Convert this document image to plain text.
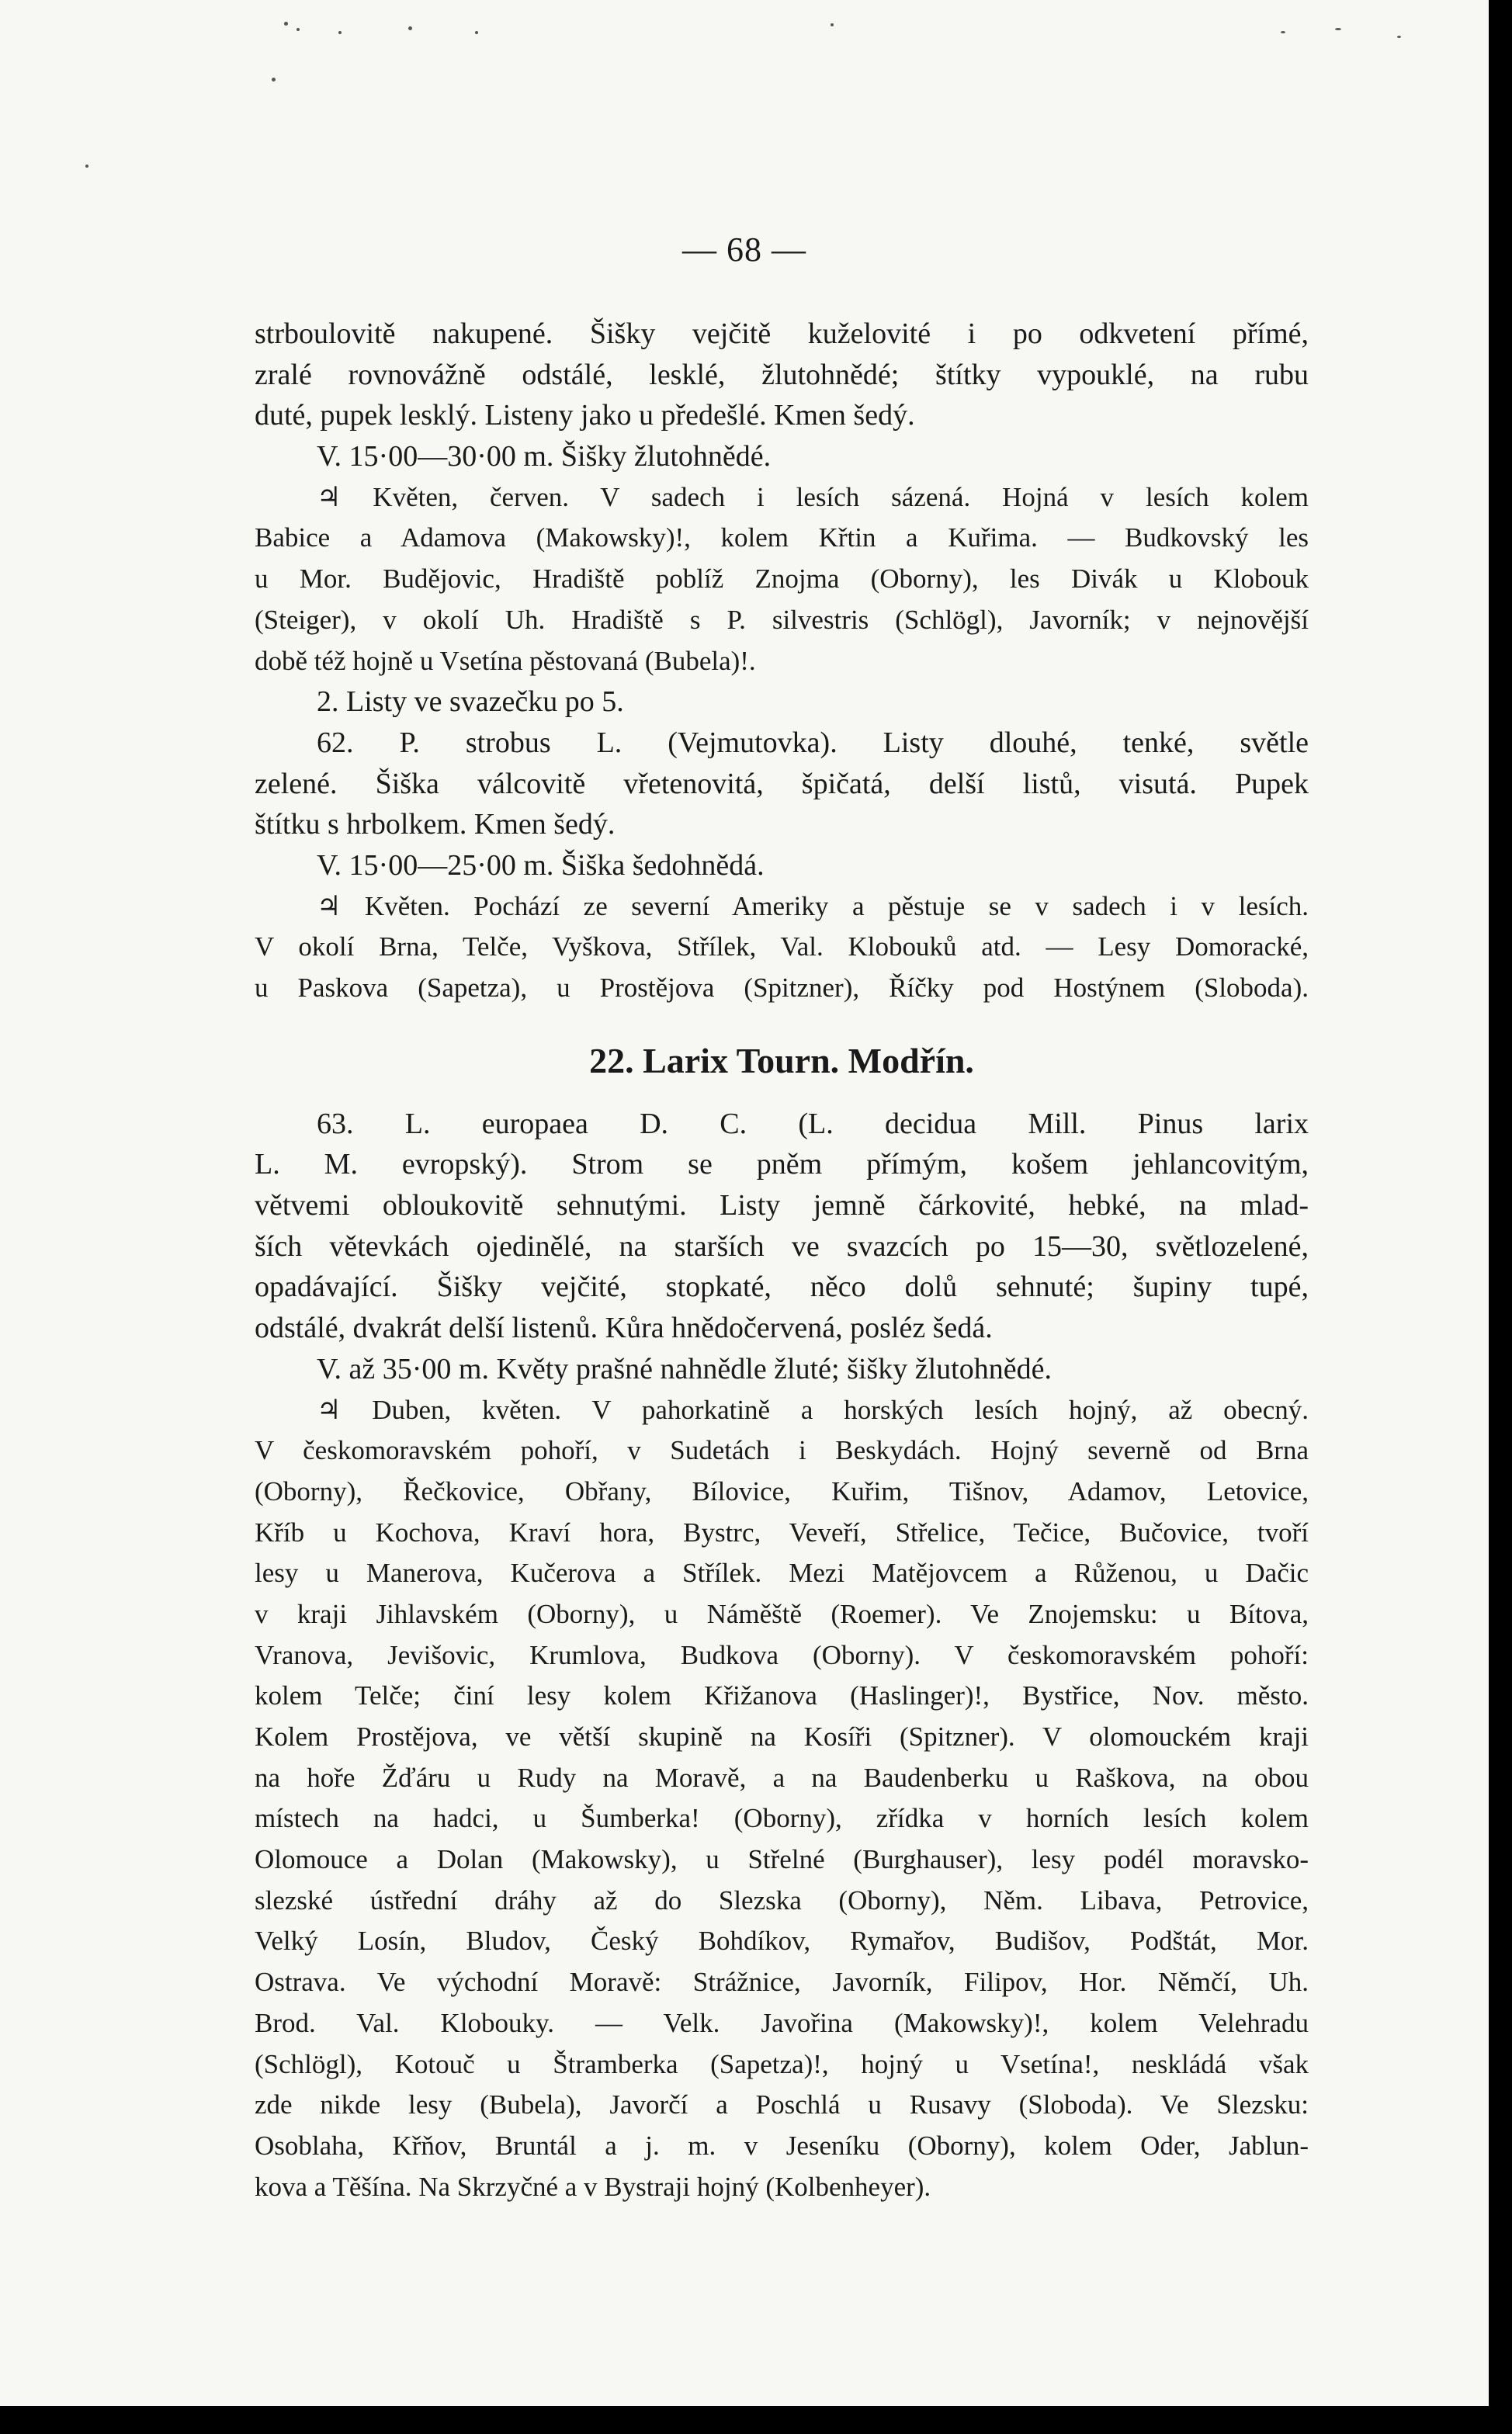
— 68 —
strboulovitě nakupené. Šišky vejčitě kuželovité i po odkvetení přímé,
zralé rovnovážně odstálé, lesklé, žlutohnědé; štítky vypouklé, na rubu
duté, pupek lesklý. Listeny jako u předešlé. Kmen šedý.
V. 15·00—30·00 m. Šišky žlutohnědé.
♃ Květen, červen. V sadech i lesích sázená. Hojná v lesích kolem
Babice a Adamova (Makowsky)!, kolem Křtin a Kuřima. — Budkovský les
u Mor. Budějovic, Hradiště poblíž Znojma (Oborny), les Divák u Klobouk
(Steiger), v okolí Uh. Hradiště s P. silvestris (Schlögl), Javorník; v nejnovější
době též hojně u Vsetína pěstovaná (Bubela)!.
2. Listy ve svazečku po 5.
62. P. strobus L. (Vejmutovka). Listy dlouhé, tenké, světle
zelené. Šiška válcovitě vřetenovitá, špičatá, delší listů, visutá. Pupek
štítku s hrbolkem. Kmen šedý.
V. 15·00—25·00 m. Šiška šedohnědá.
♃ Květen. Pochází ze severní Ameriky a pěstuje se v sadech i v lesích.
V okolí Brna, Telče, Vyškova, Střílek, Val. Klobouků atd. — Lesy Domoracké,
u Paskova (Sapetza), u Prostějova (Spitzner), Říčky pod Hostýnem (Sloboda).
22. Larix Tourn. Modřín.
63. L. europaea D. C. (L. decidua Mill. Pinus larix
L. M. evropský). Strom se pněm přímým, košem jehlancovitým,
větvemi obloukovitě sehnutými. Listy jemně čárkovité, hebké, na mlad-
ších větevkách ojedinělé, na starších ve svazcích po 15—30, světlozelené,
opadávající. Šišky vejčité, stopkaté, něco dolů sehnuté; šupiny tupé,
odstálé, dvakrát delší listenů. Kůra hnědočervená, posléz šedá.
V. až 35·00 m. Květy prašné nahnědle žluté; šišky žlutohnědé.
♃ Duben, květen. V pahorkatině a horských lesích hojný, až obecný.
V českomoravském pohoří, v Sudetách i Beskydách. Hojný severně od Brna
(Oborny), Řečkovice, Obřany, Bílovice, Kuřim, Tišnov, Adamov, Letovice,
Kříb u Kochova, Kraví hora, Bystrc, Veveří, Střelice, Tečice, Bučovice, tvoří
lesy u Manerova, Kučerova a Střílek. Mezi Matějovcem a Růženou, u Dačic
v kraji Jihlavském (Oborny), u Náměště (Roemer). Ve Znojemsku: u Bítova,
Vranova, Jevišovic, Krumlova, Budkova (Oborny). V českomoravském pohoří:
kolem Telče; činí lesy kolem Křižanova (Haslinger)!, Bystřice, Nov. město.
Kolem Prostějova, ve větší skupině na Kosíři (Spitzner). V olomouckém kraji
na hoře Žďáru u Rudy na Moravě, a na Baudenberku u Raškova, na obou
místech na hadci, u Šumberka! (Oborny), zřídka v horních lesích kolem
Olomouce a Dolan (Makowsky), u Střelné (Burghauser), lesy podél moravsko-
slezské ústřední dráhy až do Slezska (Oborny), Něm. Libava, Petrovice,
Velký Losín, Bludov, Český Bohdíkov, Rymařov, Budišov, Podštát, Mor.
Ostrava. Ve východní Moravě: Strážnice, Javorník, Filipov, Hor. Němčí, Uh.
Brod. Val. Klobouky. — Velk. Javořina (Makowsky)!, kolem Velehradu
(Schlögl), Kotouč u Štramberka (Sapetza)!, hojný u Vsetína!, neskládá však
zde nikde lesy (Bubela), Javorčí a Poschlá u Rusavy (Sloboda). Ve Slezsku:
Osoblaha, Křňov, Bruntál a j. m. v Jeseníku (Oborny), kolem Oder, Jablun-
kova a Těšína. Na Skrzyčné a v Bystraji hojný (Kolbenheyer).
